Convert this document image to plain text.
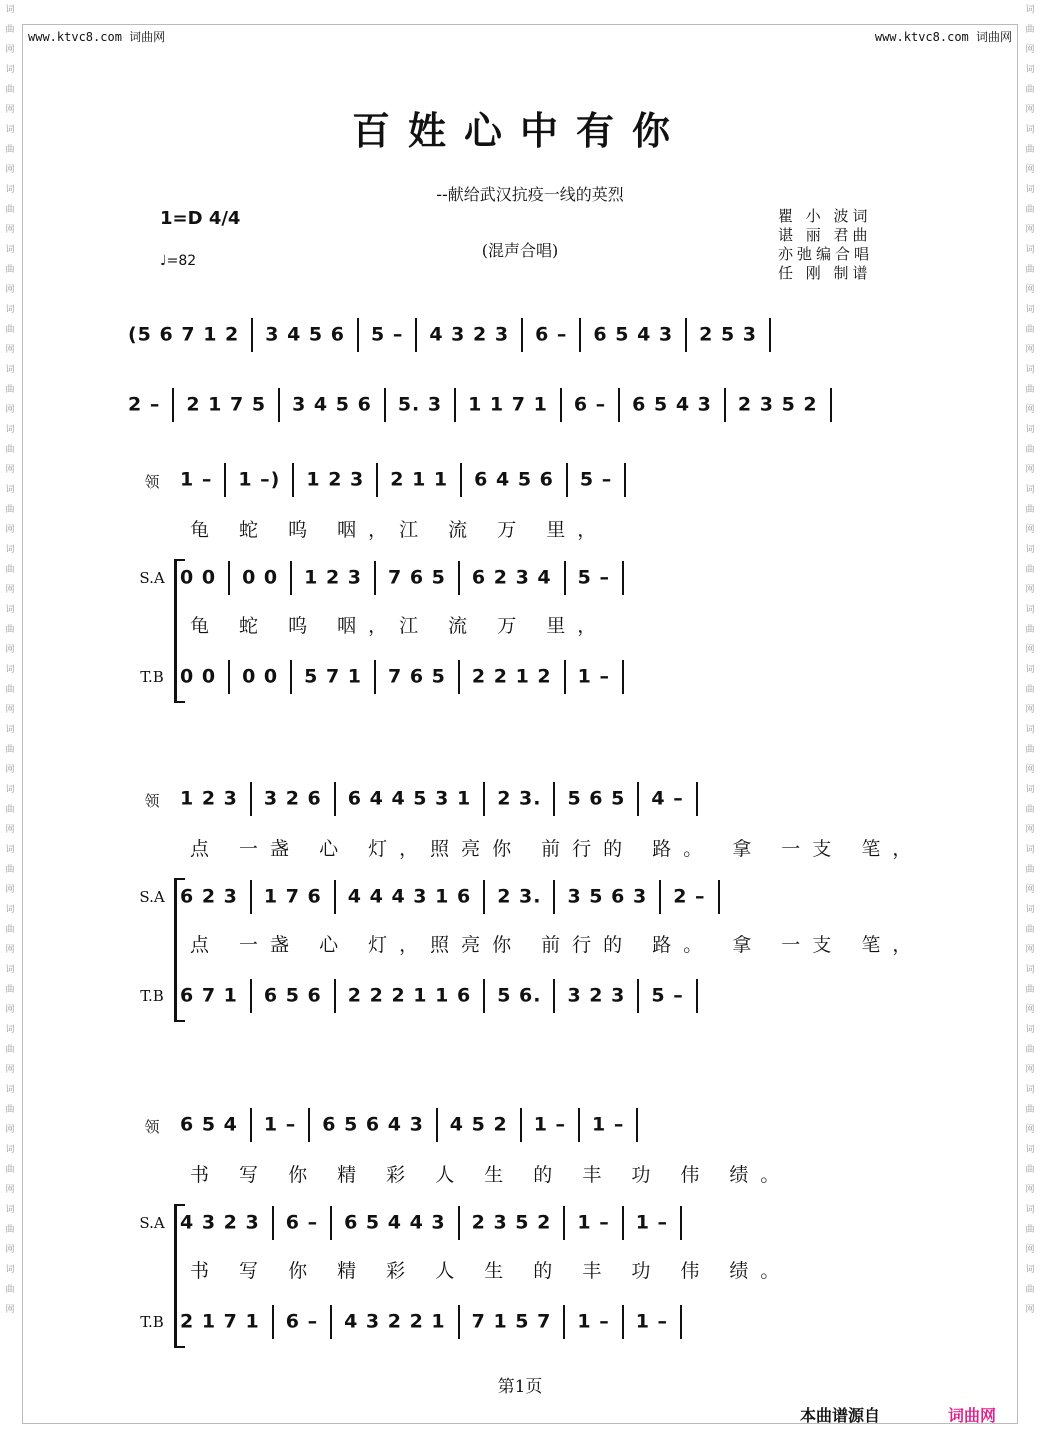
词曲网词曲网词曲网词曲网词曲网词曲网词曲网词曲网词曲网词曲网词曲网词曲网词曲网词曲网词曲网词曲网词曲网词曲网词曲网词曲网词曲网词曲网
词曲网词曲网词曲网词曲网词曲网词曲网词曲网词曲网词曲网词曲网词曲网词曲网词曲网词曲网词曲网词曲网词曲网词曲网词曲网词曲网词曲网词曲网
www.ktvc8.com 词曲网	www.ktvc8.com 词曲网
百姓心中有你
--献给武汉抗疫一线的英烈
(混声合唱)
1=D 4/4
♩=82
瞿 小 波词
谌 丽 君曲
亦弛编合唱
任 刚 制谱
(5 6 7 1 2 3 4 5 6 5 – 4 3 2 3 6 – 6 5 4 3 2 5 3
2 – 2 1 7 5 3 4 5 6 5. 3 1 1 7 1 6 – 6 5 4 3 2 3 5 2
领	1 – 1 –) 1 2 3 2 1 1 6 4 5 6 5 –
龟 蛇 呜 咽，江 流 万 里，
S.A 0 0 0 0 1 2 3 7 6 5 6 2 3 4 5 –
龟 蛇 呜 咽，江 流 万 里，
T.B 0 0 0 0 5 7 1 7 6 5 2 2 1 2 1 –
领	1 2 3 3 2 6 6 4 4 5 3 1 2 3. 5 6 5 4 –
点 一盏 心 灯，照亮你 前行的 路。 拿 一支 笔，
S.A 6 2 3 1 7 6 4 4 4 3 1 6 2 3. 3 5 6 3 2 –
点 一盏 心 灯，照亮你 前行的 路。 拿 一支 笔，
T.B 6 7 1 6 5 6 2 2 2 1 1 6 5 6. 3 2 3 5 –
领	6 5 4 1 – 6 5 6 4 3 4 5 2 1 – 1 –
书 写 你 精 彩 人 生 的 丰 功 伟 绩。
S.A 4 3 2 3 6 – 6 5 4 4 3 2 3 5 2 1 – 1 –
书 写 你 精 彩 人 生 的 丰 功 伟 绩。
T.B 2 1 7 1 6 – 4 3 2 2 1 7 1 5 7 1 – 1 –
第1页
本曲谱源自	词曲网
